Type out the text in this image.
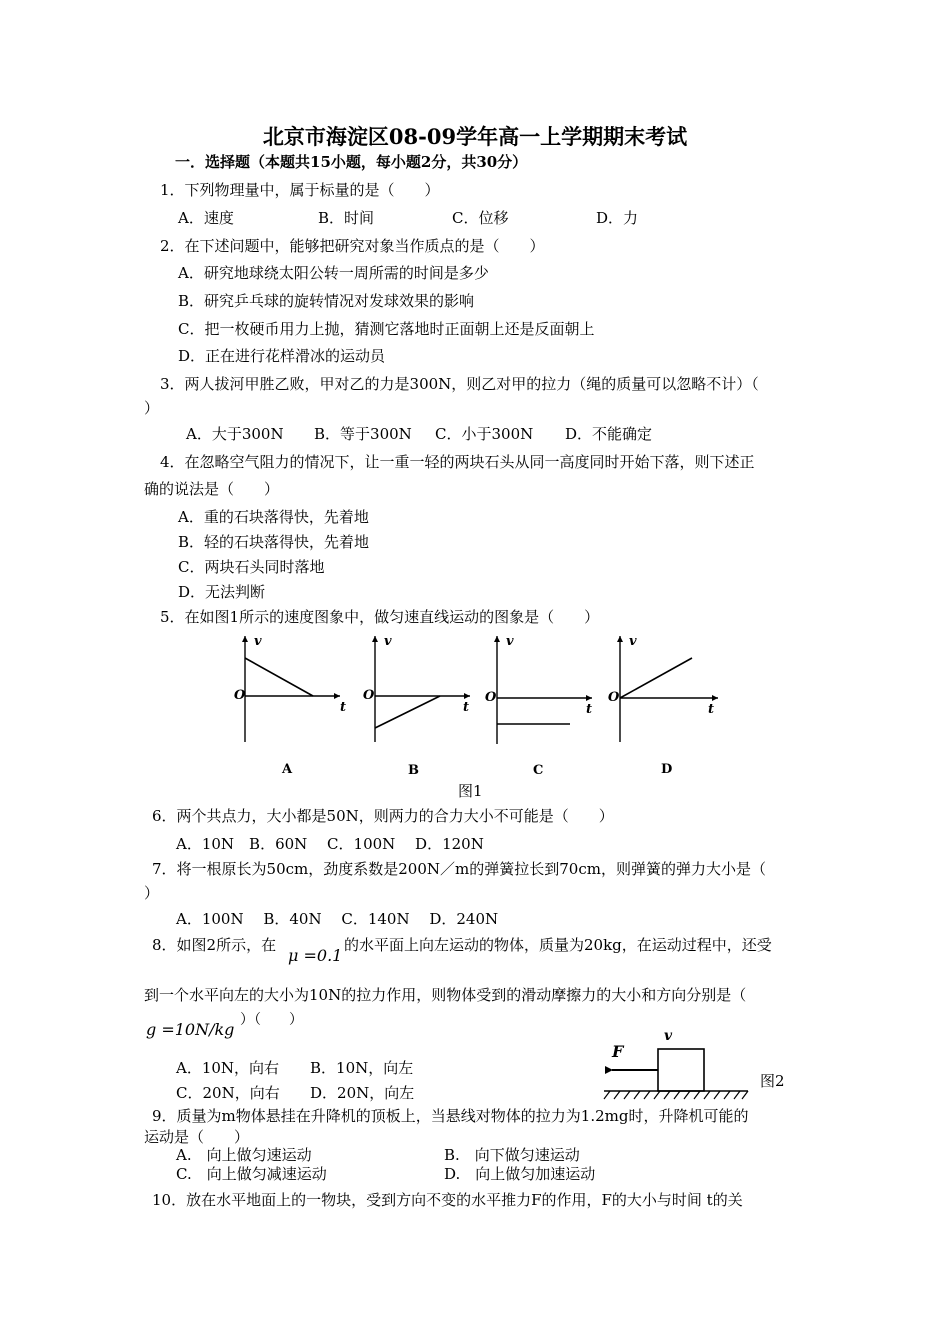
北京市海淀区08-09学年高一上学期期末考试
一．选择题（本题共15小题，每小题2分，共30分）
1．下列物理量中，属于标量的是（　　）
A．速度	B．时间	C．位移	D．力
2．在下述问题中，能够把研究对象当作质点的是（　　）
A．研究地球绕太阳公转一周所需的时间是多少
B．研究乒乓球的旋转情况对发球效果的影响
C．把一枚硬币用力上抛，猜测它落地时正面朝上还是反面朝上
D．正在进行花样滑冰的运动员
3．两人拔河甲胜乙败，甲对乙的力是300N，则乙对甲的拉力（绳的质量可以忽略不计）（
）
A．大于300N B．等于300N C．小于300N D．不能确定
4．在忽略空气阻力的情况下，让一重一轻的两块石头从同一高度同时开始下落，则下述正
确的说法是（　　）
A．重的石块落得快，先着地
B．轻的石块落得快，先着地
C．两块石头同时落地
D．无法判断
5．在如图1所示的速度图象中，做匀速直线运动的图象是（　　）
v
O
t
v
O
t
v
O
t
v
O
t
A	B	C	D
图1
6．两个共点力，大小都是50N，则两力的合力大小不可能是（　　）
A．10N　B．60N　 C．100N　 D．120N
7．将一根原长为50cm，劲度系数是200N／m的弹簧拉长到70cm，则弹簧的弹力大小是（
）
A．100N　 B．40N　 C．140N　 D．240N
8．如图2所示，在
μ =0.1
的水平面上向左运动的物体，质量为20kg，在运动过程中，还受
到一个水平向左的大小为10N的拉力作用，则物体受到的滑动摩擦力的大小和方向分别是（
g =10N/kg ）（　　）
A．10N，向右 B．10N，向左
C．20N，向右 D．20N，向左
v
F
图2
9．质量为m物体悬挂在升降机的顶板上，当悬线对物体的拉力为1.2mg时，升降机可能的
运动是（　　）
A.　向上做匀速运动	B.　向下做匀速运动
C.　向上做匀减速运动	D.　向上做匀加速运动
10．放在水平地面上的一物块，受到方向不变的水平推力F的作用，F的大小与时间 t的关
